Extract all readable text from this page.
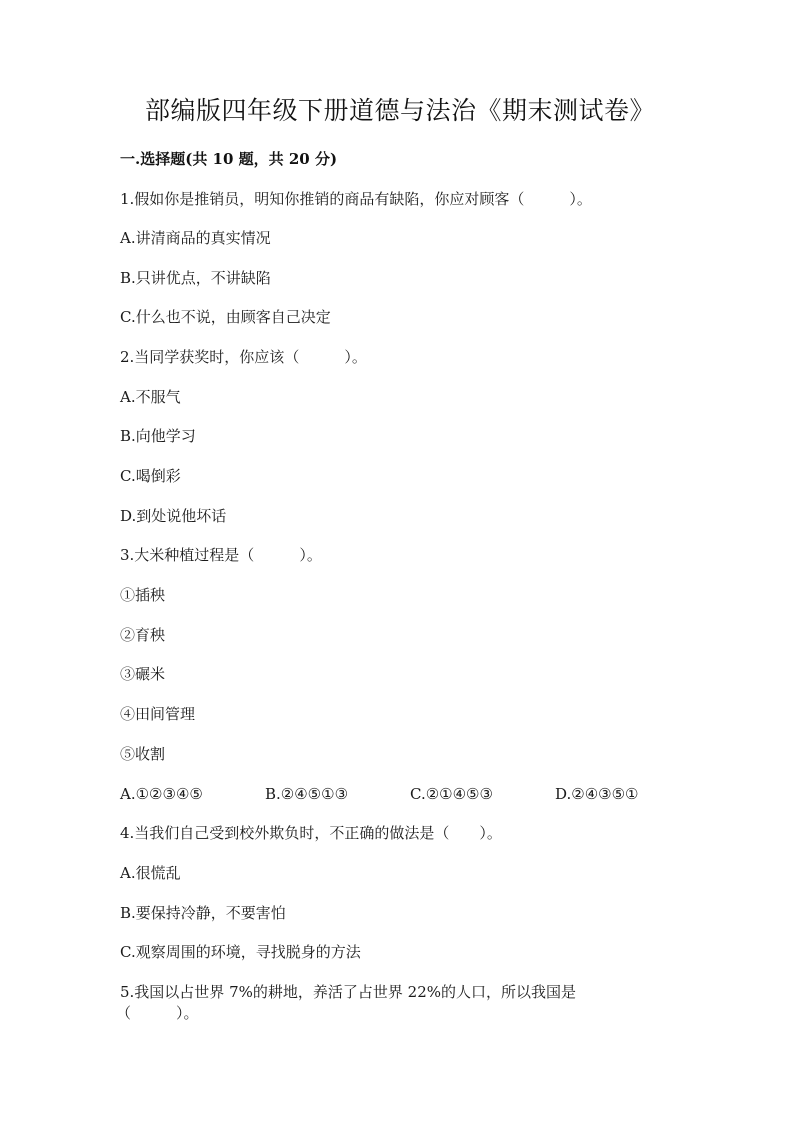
部编版四年级下册道德与法治《期末测试卷》
一.选择题(共 10 题，共 20 分)
1.假如你是推销员，明知你推销的商品有缺陷，你应对顾客（　　　）。
A.讲清商品的真实情况
B.只讲优点，不讲缺陷
C.什么也不说，由顾客自己决定
2.当同学获奖时，你应该（　　　）。
A.不服气
B.向他学习
C.喝倒彩
D.到处说他坏话
3.大米种植过程是（　　　）。
①插秧
②育秧
③碾米
④田间管理
⑤收割
A.①②③④⑤	B.②④⑤①③	C.②①④⑤③	D.②④③⑤①
4.当我们自己受到校外欺负时，不正确的做法是（　　）。
A.很慌乱
B.要保持冷静，不要害怕
C.观察周围的环境，寻找脱身的方法
5.我国以占世界 7%的耕地，养活了占世界 22%的人口，所以我国是
（　　　）。
